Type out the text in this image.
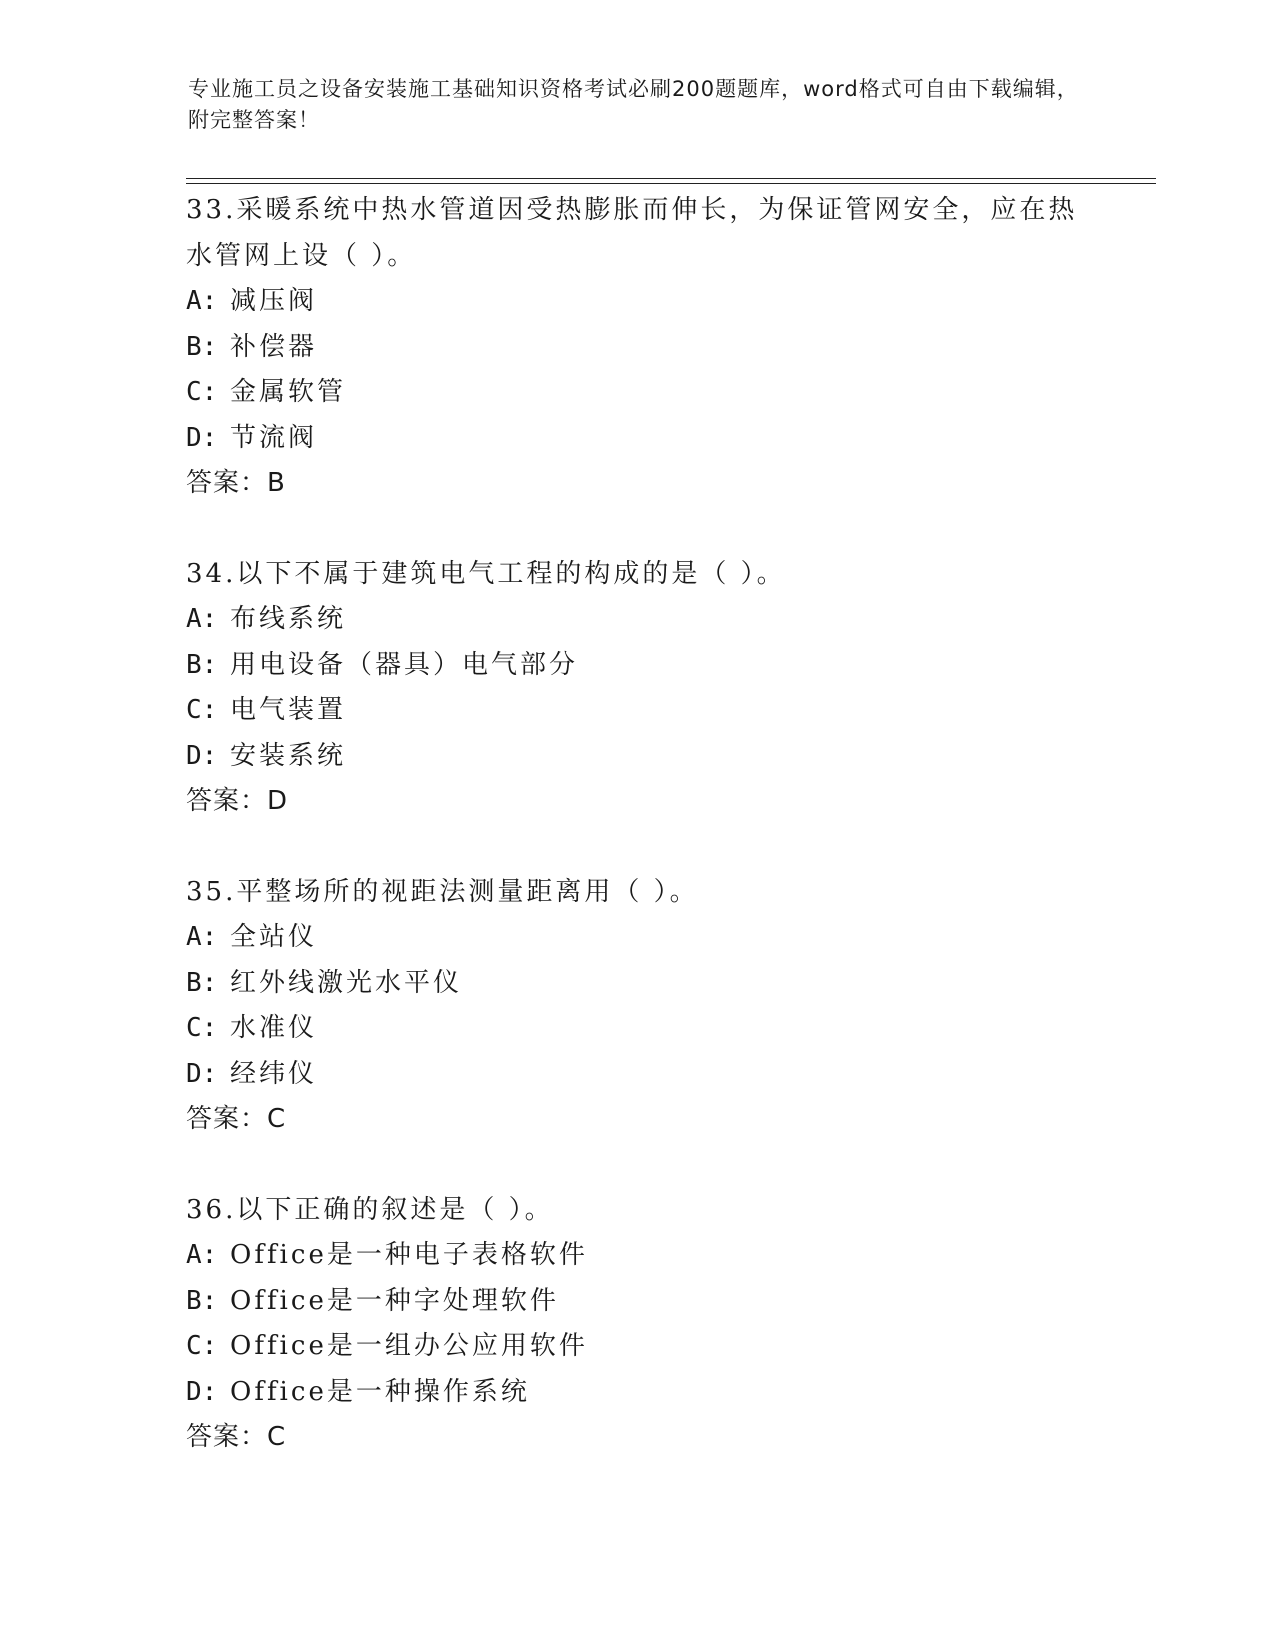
专业施工员之设备安装施工基础知识资格考试必刷200题题库，word格式可自由下载编辑，附完整答案！
33.采暖系统中热水管道因受热膨胀而伸长，为保证管网安全，应在热水管网上设（ ）。
A: 减压阀
B: 补偿器
C: 金属软管
D: 节流阀
答案：B
34.以下不属于建筑电气工程的构成的是（ ）。
A: 布线系统
B: 用电设备（器具）电气部分
C: 电气装置
D: 安装系统
答案：D
35.平整场所的视距法测量距离用（ ）。
A: 全站仪
B: 红外线激光水平仪
C: 水准仪
D: 经纬仪
答案：C
36.以下正确的叙述是（ ）。
A: Office是一种电子表格软件
B: Office是一种字处理软件
C: Office是一组办公应用软件
D: Office是一种操作系统
答案：C
